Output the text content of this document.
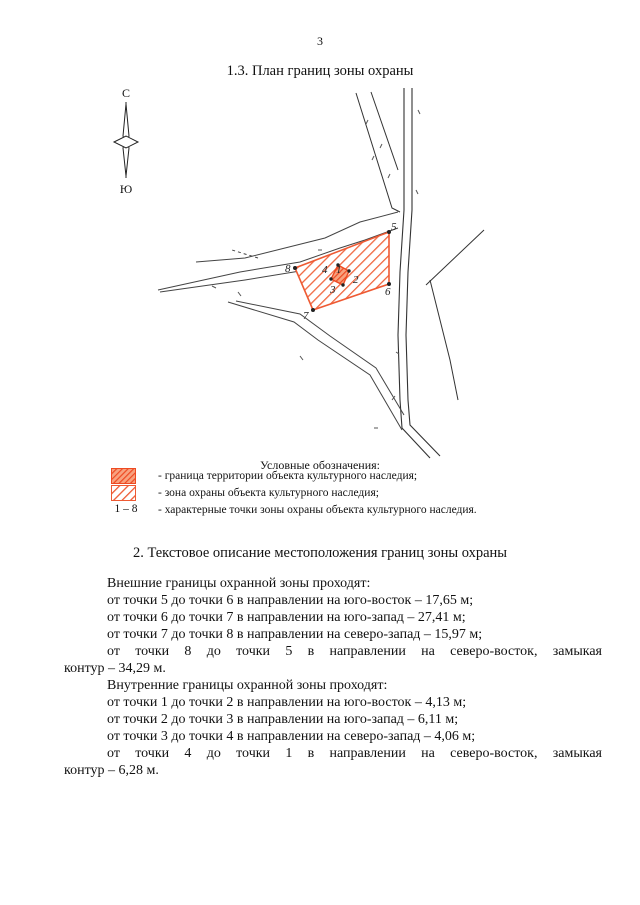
3
1.3. План границ зоны охраны
С
Ю
1
2
3
4
5
6
7
8
Условные обозначения:
- граница территории объекта культурного наследия;
- зона охраны объекта культурного наследия;
1 – 8	- характерные точки зоны охраны объекта культурного наследия.
2. Текстовое описание местоположения границ зоны охраны
Внешние границы охранной зоны проходят:
от точки 5 до точки 6 в направлении на юго-восток – 17,65 м;
от точки 6 до точки 7 в направлении на юго-запад – 27,41 м;
от точки 7 до точки 8 в направлении на северо-запад – 15,97 м;
от точки 8 до точки 5 в направлении на северо-восток, замыкая
контур – 34,29 м.
Внутренние границы охранной зоны проходят:
от точки 1 до точки 2 в направлении на юго-восток – 4,13 м;
от точки 2 до точки 3 в направлении на юго-запад – 6,11 м;
от точки 3 до точки 4 в направлении на северо-запад – 4,06 м;
от точки 4 до точки 1 в направлении на северо-восток, замыкая
контур – 6,28 м.
